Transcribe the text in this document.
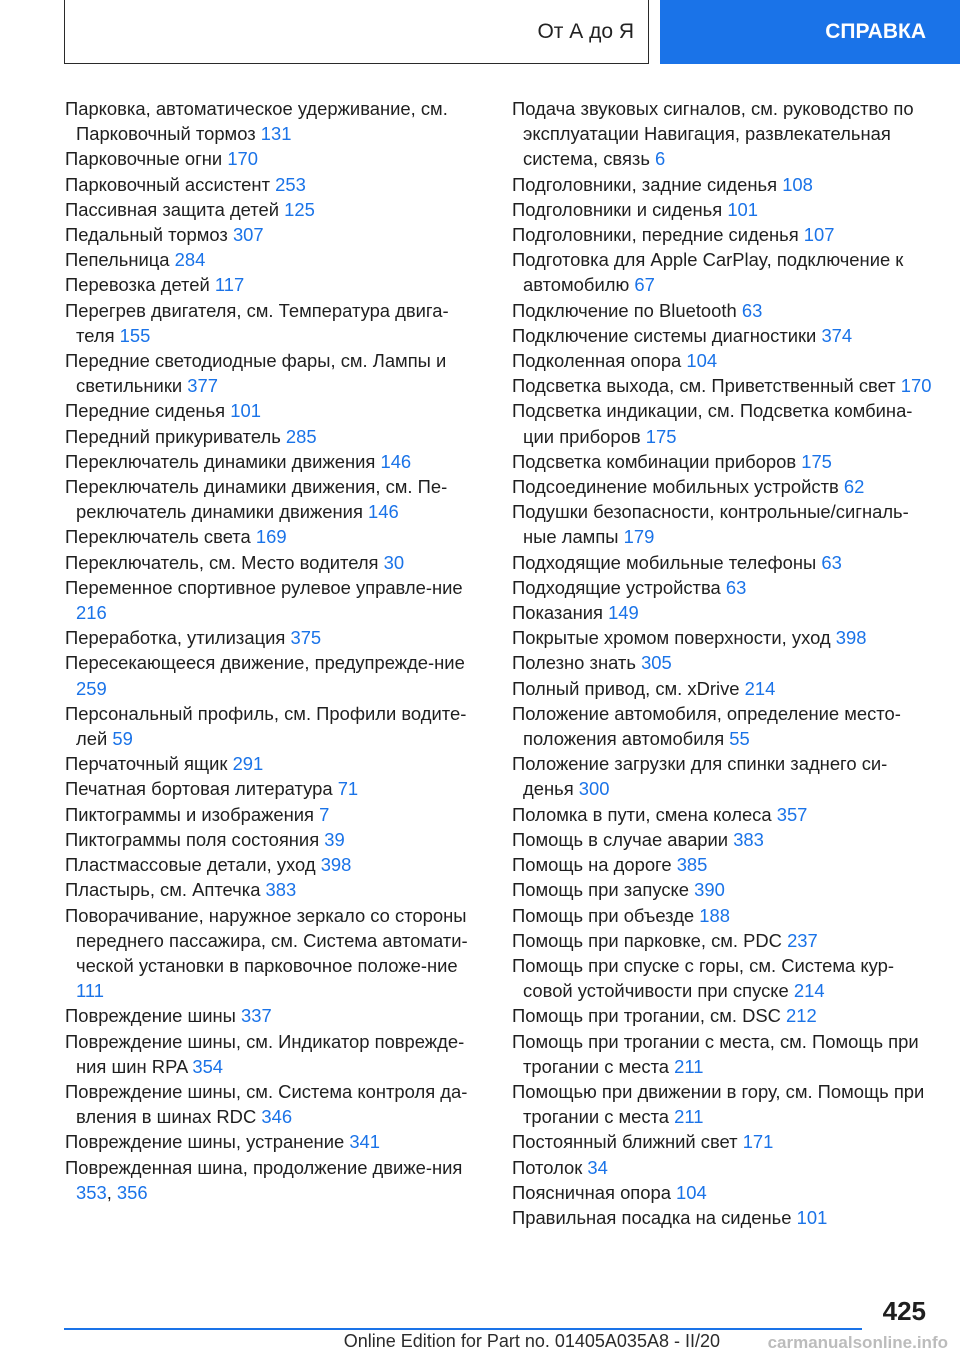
От А до Я	СПРАВКА
Парковка, автоматическое удерживание, см. Парковочный тормоз 131
Парковочные огни 170
Парковочный ассистент 253
Пассивная защита детей 125
Педальный тормоз 307
Пепельница 284
Перевозка детей 117
Перегрев двигателя, см. Температура двига-теля 155
Передние светодиодные фары, см. Лампы и светильники 377
Передние сиденья 101
Передний прикуриватель 285
Переключатель динамики движения 146
Переключатель динамики движения, см. Пе-реключатель динамики движения 146
Переключатель света 169
Переключатель, см. Место водителя 30
Переменное спортивное рулевое управле-ние 216
Переработка, утилизация 375
Пересекающееся движение, предупрежде-ние 259
Персональный профиль, см. Профили водите-лей 59
Перчаточный ящик 291
Печатная бортовая литература 71
Пиктограммы и изображения 7
Пиктограммы поля состояния 39
Пластмассовые детали, уход 398
Пластырь, см. Аптечка 383
Поворачивание, наружное зеркало со стороны переднего пассажира, см. Система автомати-ческой установки в парковочное положе-ние 111
Повреждение шины 337
Повреждение шины, см. Индикатор поврежде-ния шин RPA 354
Повреждение шины, см. Система контроля да-вления в шинах RDC 346
Повреждение шины, устранение 341
Поврежденная шина, продолжение движе-ния 353, 356
Подача звуковых сигналов, см. руководство по эксплуатации Навигация, развлекательная система, связь 6
Подголовники, задние сиденья 108
Подголовники и сиденья 101
Подголовники, передние сиденья 107
Подготовка для Apple CarPlay, подключение к автомобилю 67
Подключение по Bluetooth 63
Подключение системы диагностики 374
Подколенная опора 104
Подсветка выхода, см. Приветственный свет 170
Подсветка индикации, см. Подсветка комбина-ции приборов 175
Подсветка комбинации приборов 175
Подсоединение мобильных устройств 62
Подушки безопасности, контрольные/сигналь-ные лампы 179
Подходящие мобильные телефоны 63
Подходящие устройства 63
Показания 149
Покрытые хромом поверхности, уход 398
Полезно знать 305
Полный привод, см. xDrive 214
Положение автомобиля, определение место-положения автомобиля 55
Положение загрузки для спинки заднего си-денья 300
Поломка в пути, смена колеса 357
Помощь в случае аварии 383
Помощь на дороге 385
Помощь при запуске 390
Помощь при объезде 188
Помощь при парковке, см. PDC 237
Помощь при спуске с горы, см. Система кур-совой устойчивости при спуске 214
Помощь при трогании, см. DSC 212
Помощь при трогании с места, см. Помощь при трогании с места 211
Помощью при движении в гору, см. Помощь при трогании с места 211
Постоянный ближний свет 171
Потолок 34
Поясничная опора 104
Правильная посадка на сиденье 101
425
Online Edition for Part no. 01405A035A8 - II/20	carmanualsonline.info
